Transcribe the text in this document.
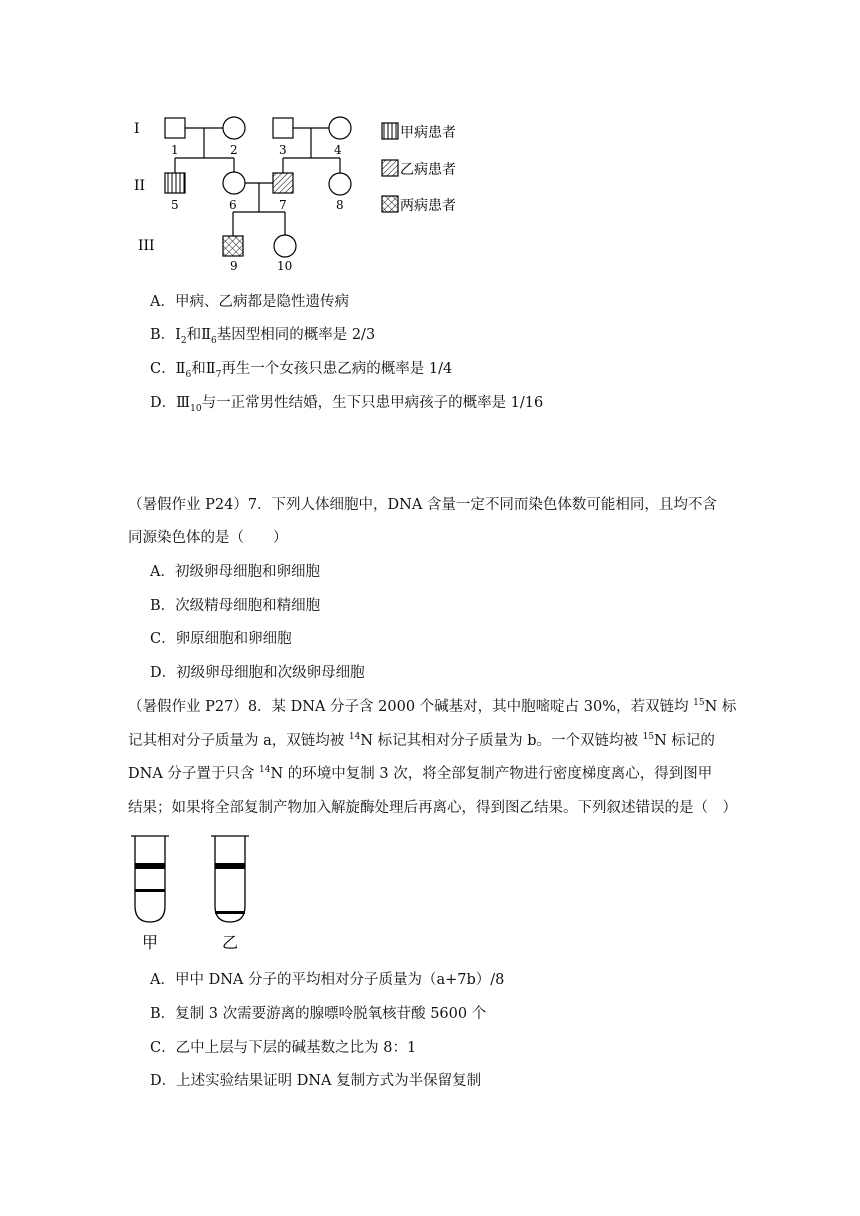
I
II
III
1	2	3	4
5	6	7	8
9	10
甲病患者
乙病患者
两病患者
A．甲病、乙病都是隐性遗传病
B．$I_2$和$Ⅱ_6$基因型相同的概率是 2/3
C．$Ⅱ_6$和$Ⅱ_7$再生一个女孩只患乙病的概率是 1/4
D．$Ⅲ_{10}$与一正常男性结婚，生下只患甲病孩子的概率是 1/16
（暑假作业 P24）7．下列人体细胞中，DNA 含量一定不同而染色体数可能相同，且均不含
同源染色体的是（　　）
A．初级卵母细胞和卵细胞
B．次级精母细胞和精细胞
C．卵原细胞和卵细胞
D．初级卵母细胞和次级卵母细胞
（暑假作业 P27）8．某 DNA 分子含 2000 个碱基对，其中胞嘧啶占 30%，若双链均 $^{15}$N 标
记其相对分子质量为 a，双链均被 $^{14}$N 标记其相对分子质量为 b。一个双链均被 $^{15}$N 标记的
DNA 分子置于只含 $^{14}$N 的环境中复制 3 次，将全部复制产物进行密度梯度离心，得到图甲
结果；如果将全部复制产物加入解旋酶处理后再离心，得到图乙结果。下列叙述错误的是（　）
甲	乙
A．甲中 DNA 分子的平均相对分子质量为（a+7b）/8
B．复制 3 次需要游离的腺嘌呤脱氧核苷酸 5600 个
C．乙中上层与下层的碱基数之比为 8：1
D．上述实验结果证明 DNA 复制方式为半保留复制
